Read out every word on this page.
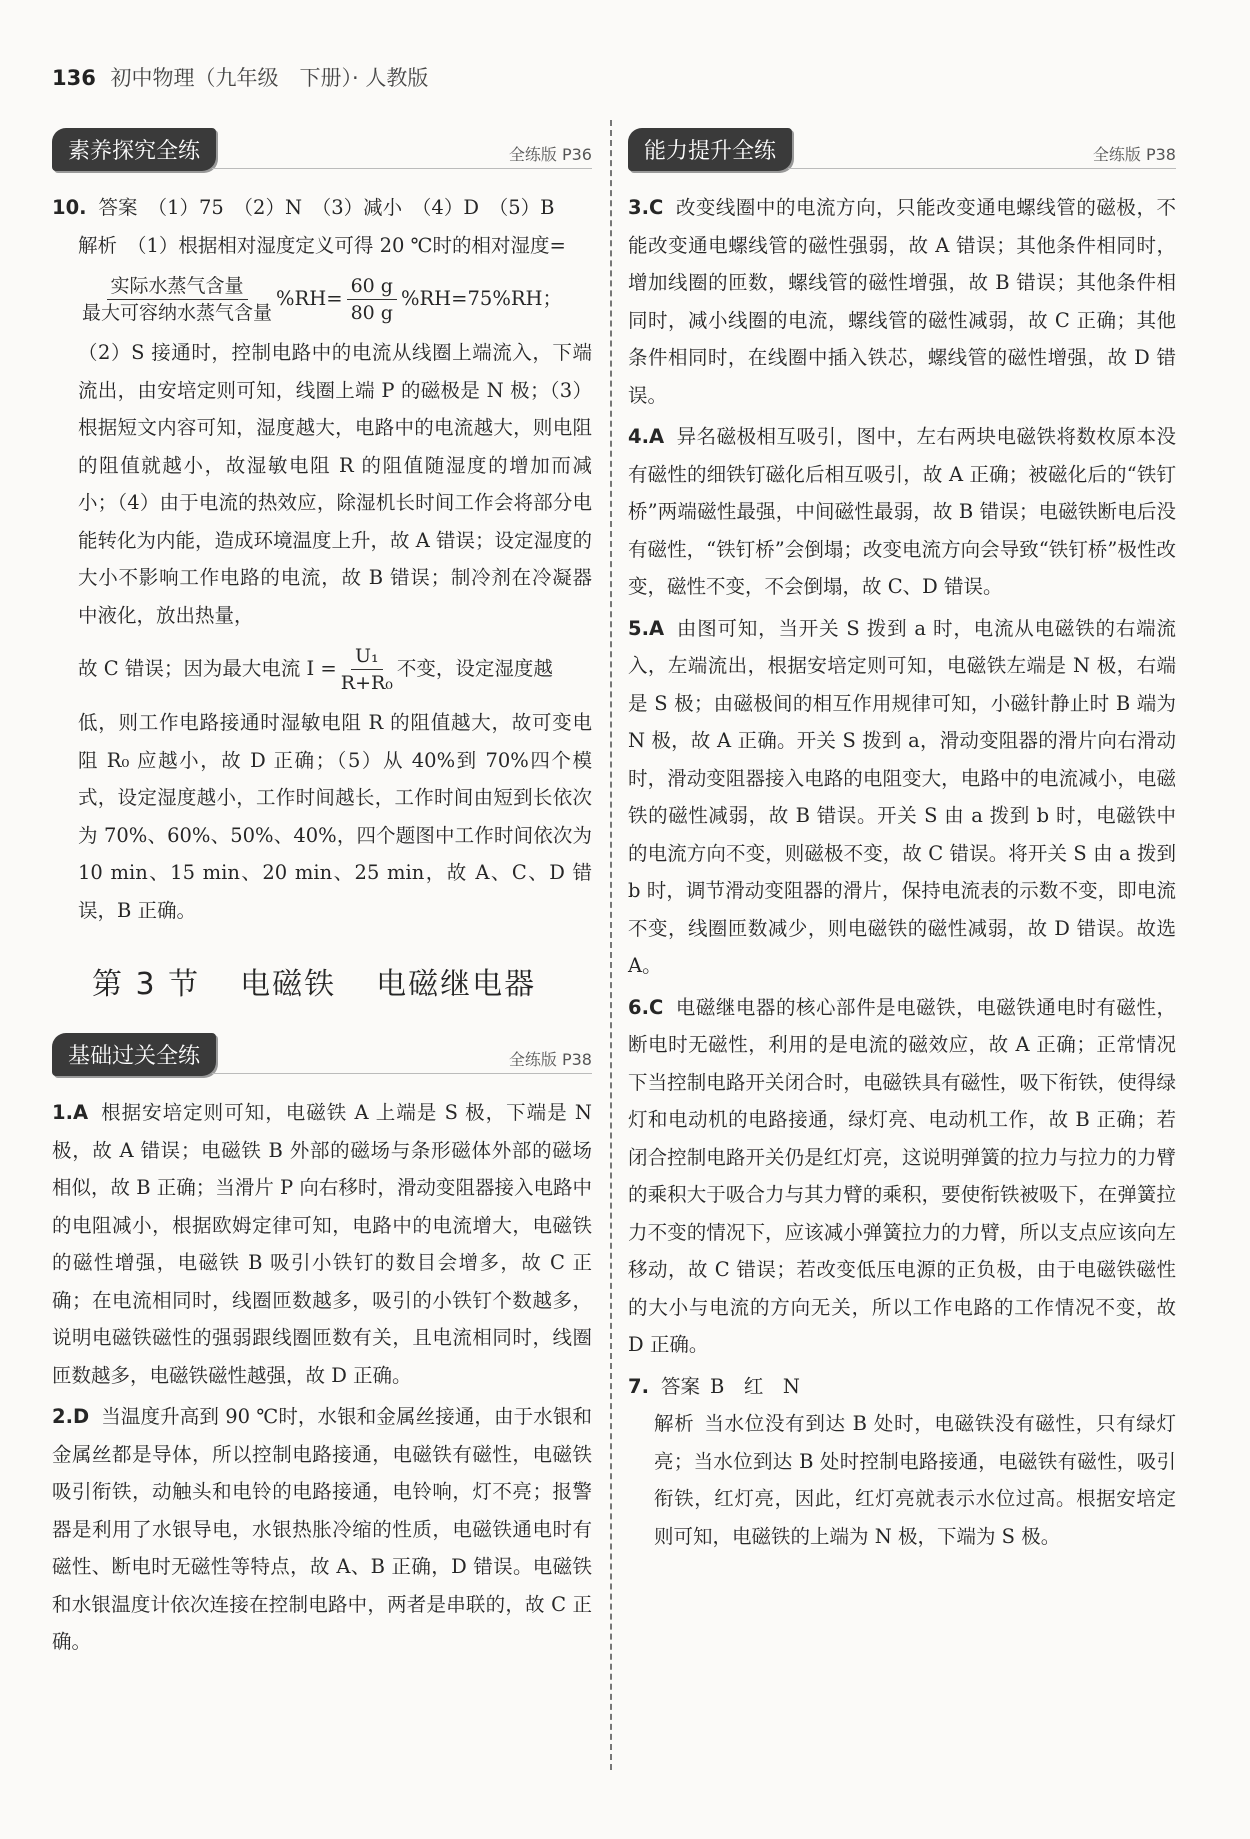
136 初中物理（九年级　下册）· 人教版
素养探究全练	全练版 P36
10. 答案 （1）75　（2）N　（3）减小　（4）D　（5）B
解析 （1）根据相对湿度定义可得 20 ℃时的相对湿度=
$\frac{\text{实际水蒸气含量}}{\text{最大可容纳水蒸气含量}} \%RH= \frac{60 g}{80 g} \%RH=75\%RH$；
（2）S 接通时，控制电路中的电流从线圈上端流入，下端流出，由安培定则可知，线圈上端 P 的磁极是 N 极；（3）根据短文内容可知，湿度越大，电路中的电流越大，则电阻的阻值就越小，故湿敏电阻 R 的阻值随湿度的增加而减小；（4）由于电流的热效应，除湿机长时间工作会将部分电能转化为内能，造成环境温度上升，故 A 错误；设定湿度的大小不影响工作电路的电流，故 B 错误；制冷剂在冷凝器中液化，放出热量，
故 C 错误；因为最大电流 $I = \frac{\text{U₁}}{\text{R+R₀}}$ 不变，设定湿度越
低，则工作电路接通时湿敏电阻 R 的阻值越大，故可变电阻 R₀ 应越小，故 D 正确；（5）从 40%到 70%四个模式，设定湿度越小，工作时间越长，工作时间由短到长依次为 70%、60%、50%、40%，四个题图中工作时间依次为 10 min、15 min、20 min、25 min，故 A、C、D 错误，B 正确。
第 3 节 电磁铁 电磁继电器
基础过关全练	全练版 P38

1.A 根据安培定则可知，电磁铁 A 上端是 S 极，下端是 N 极，故 A 错误；电磁铁 B 外部的磁场与条形磁体外部的磁场相似，故 B 正确；当滑片 P 向右移时，滑动变阻器接入电路中的电阻减小，根据欧姆定律可知，电路中的电流增大，电磁铁的磁性增强，电磁铁 B 吸引小铁钉的数目会增多，故 C 正确；在电流相同时，线圈匝数越多，吸引的小铁钉个数越多，说明电磁铁磁性的强弱跟线圈匝数有关，且电流相同时，线圈匝数越多，电磁铁磁性越强，故 D 正确。

2.D 当温度升高到 90 ℃时，水银和金属丝接通，由于水银和金属丝都是导体，所以控制电路接通，电磁铁有磁性，电磁铁吸引衔铁，动触头和电铃的电路接通，电铃响，灯不亮；报警器是利用了水银导电，水银热胀冷缩的性质，电磁铁通电时有磁性、断电时无磁性等特点，故 A、B 正确，D 错误。电磁铁和水银温度计依次连接在控制电路中，两者是串联的，故 C 正确。

能力提升全练	全练版 P38

3.C 改变线圈中的电流方向，只能改变通电螺线管的磁极，不能改变通电螺线管的磁性强弱，故 A 错误；其他条件相同时，增加线圈的匝数，螺线管的磁性增强，故 B 错误；其他条件相同时，减小线圈的电流，螺线管的磁性减弱，故 C 正确；其他条件相同时，在线圈中插入铁芯，螺线管的磁性增强，故 D 错误。

4.A 异名磁极相互吸引，图中，左右两块电磁铁将数枚原本没有磁性的细铁钉磁化后相互吸引，故 A 正确；被磁化后的“铁钉桥”两端磁性最强，中间磁性最弱，故 B 错误；电磁铁断电后没有磁性，“铁钉桥”会倒塌；改变电流方向会导致“铁钉桥”极性改变，磁性不变，不会倒塌，故 C、D 错误。

5.A 由图可知，当开关 S 拨到 a 时，电流从电磁铁的右端流入，左端流出，根据安培定则可知，电磁铁左端是 N 极，右端是 S 极；由磁极间的相互作用规律可知，小磁针静止时 B 端为 N 极，故 A 正确。开关 S 拨到 a，滑动变阻器的滑片向右滑动时，滑动变阻器接入电路的电阻变大，电路中的电流减小，电磁铁的磁性减弱，故 B 错误。开关 S 由 a 拨到 b 时，电磁铁中的电流方向不变，则磁极不变，故 C 错误。将开关 S 由 a 拨到 b 时，调节滑动变阻器的滑片，保持电流表的示数不变，即电流不变，线圈匝数减少，则电磁铁的磁性减弱，故 D 错误。故选 A。

6.C 电磁继电器的核心部件是电磁铁，电磁铁通电时有磁性，断电时无磁性，利用的是电流的磁效应，故 A 正确；正常情况下当控制电路开关闭合时，电磁铁具有磁性，吸下衔铁，使得绿灯和电动机的电路接通，绿灯亮、电动机工作，故 B 正确；若闭合控制电路开关仍是红灯亮，这说明弹簧的拉力与拉力的力臂的乘积大于吸合力与其力臂的乘积，要使衔铁被吸下，在弹簧拉力不变的情况下，应该减小弹簧拉力的力臂，所以支点应该向左移动，故 C 错误；若改变低压电源的正负极，由于电磁铁磁性的大小与电流的方向无关，所以工作电路的工作情况不变，故 D 正确。

7. 答案 B　红　N
解析 当水位没有到达 B 处时，电磁铁没有磁性，只有绿灯亮；当水位到达 B 处时控制电路接通，电磁铁有磁性，吸引衔铁，红灯亮，因此，红灯亮就表示水位过高。根据安培定则可知，电磁铁的上端为 N 极，下端为 S 极。
